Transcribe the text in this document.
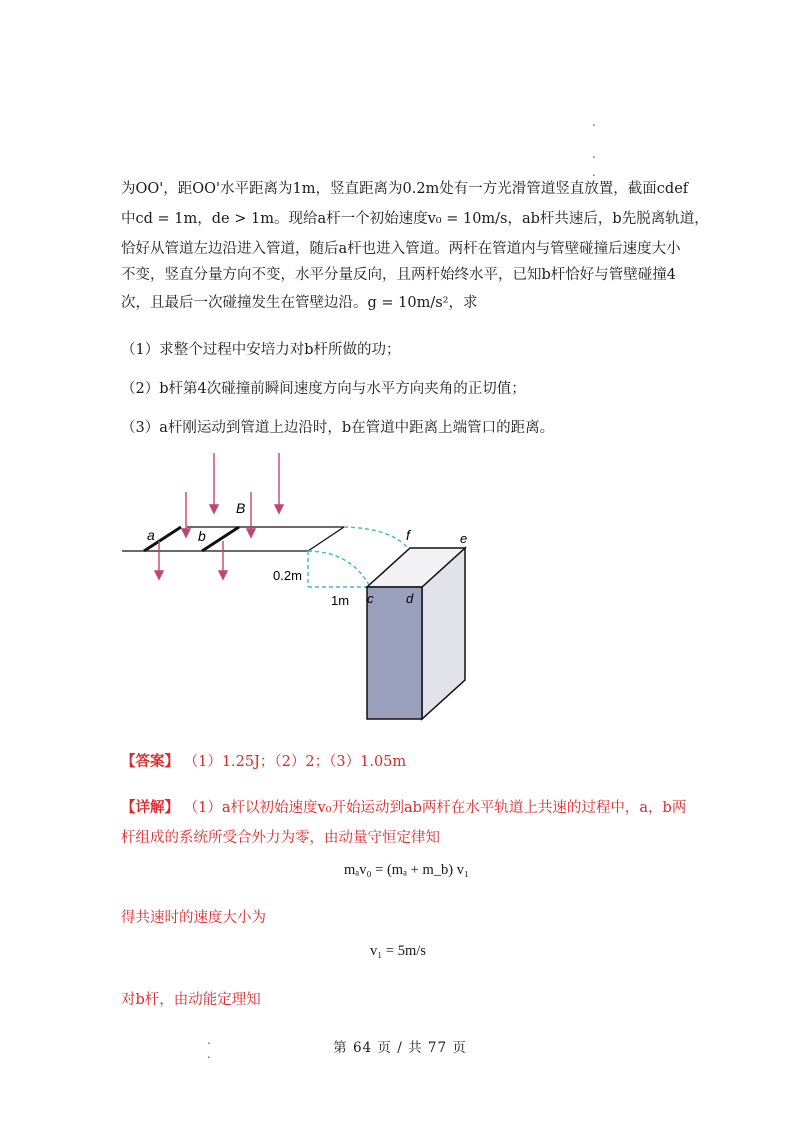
.
.
.
.
.
为OO'，距OO'水平距离为1m，竖直距离为0.2m处有一方光滑管道竖直放置，截面cdef
中cd = 1m，de > 1m。现给a杆一个初始速度v₀ = 10m/s，ab杆共速后，b先脱离轨道，
恰好从管道左边沿进入管道，随后a杆也进入管道。两杆在管道内与管壁碰撞后速度大小
不变，竖直分量方向不变，水平分量反向，且两杆始终水平，已知b杆恰好与管壁碰撞4
次，且最后一次碰撞发生在管壁边沿。g = 10m/s²，求
（1）求整个过程中安培力对b杆所做的功；
（2）b杆第4次碰撞前瞬间速度方向与水平方向夹角的正切值；
（3）a杆刚运动到管道上边沿时，b在管道中距离上端管口的距离。
B
a	b	f	e
c	d
0.2m
1m
【答案】 （1）1.25J；（2）2；（3）1.05m
【详解】 （1）a杆以初始速度v₀开始运动到ab两杆在水平轨道上共速的过程中，a，b两
杆组成的系统所受合外力为零，由动量守恒定律知
mₐv₀ = (mₐ + m_b) v₁
得共速时的速度大小为
v₁ = 5m/s
对b杆，由动能定理知
第 64 页 / 共 77 页
